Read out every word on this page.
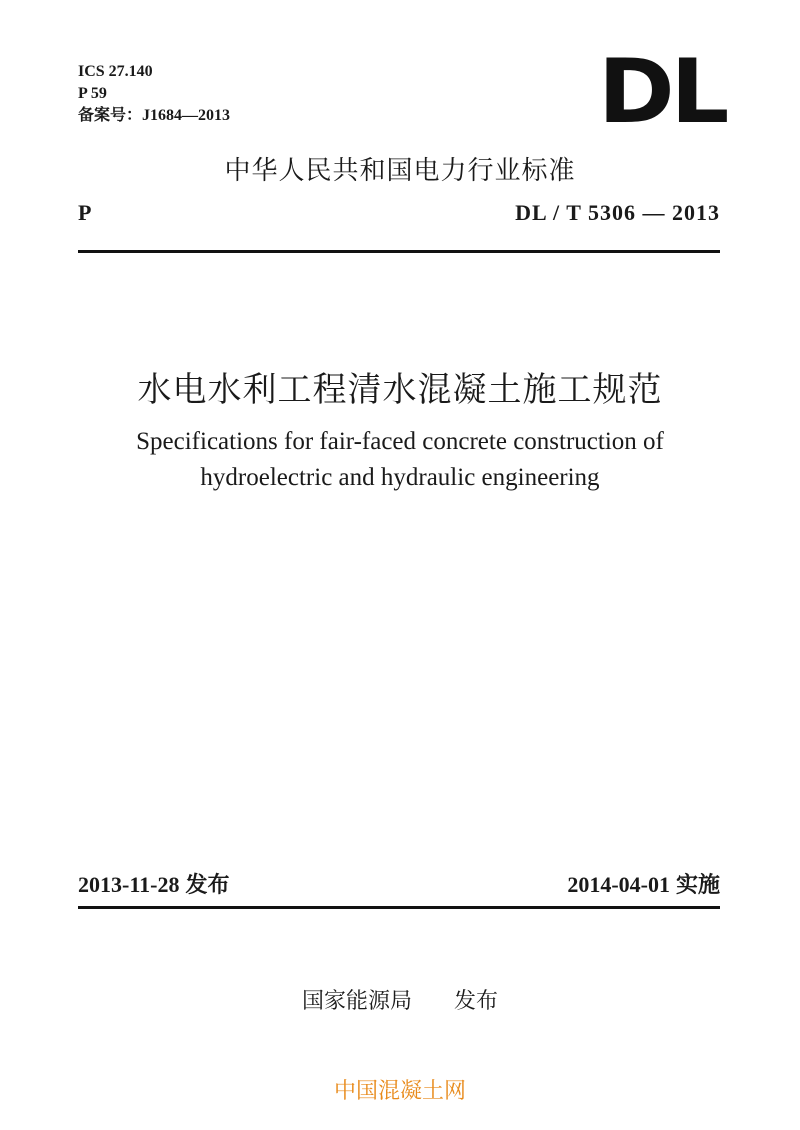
ICS 27.140
P 59
备案号：J1684—2013	DL
中华人民共和国电力行业标准
P	DL / T 5306 — 2013
水电水利工程清水混凝土施工规范
Specifications for fair-faced concrete construction of
hydroelectric and hydraulic engineering
2013-11-28 发布	2014-04-01 实施
国家能源局 发布
中国混凝土网
